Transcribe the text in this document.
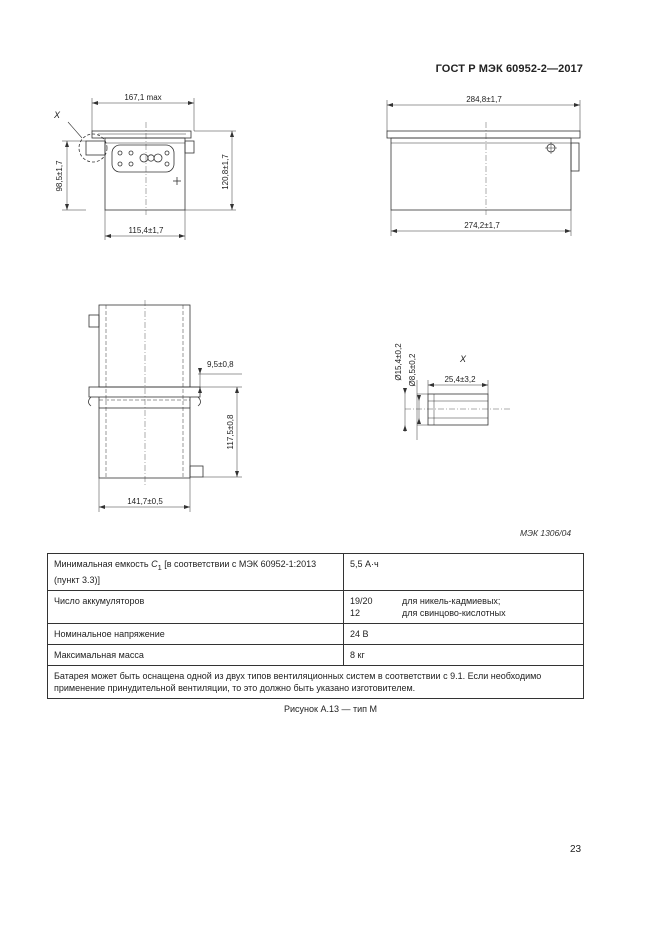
ГОСТ Р МЭК 60952-2—2017
167,1 max
98,5±1,7	120,8±1,7
115,4±1,7
X
284,8±1,7
274,2±1,7
9,5±0,8
117,5±0,8
141,7±0,5
X
Ø15,4±0,2 Ø8,5±0,2	25,4±3,2
МЭК 1306/04
Минимальная емкость $C_1$ [в соответствии с МЭК 60952-1:2013 (пункт 3.3)]	5,5 А·ч
Число аккумуляторов	19/20 для никель-кадмиевых;
12 для свинцово-кислотных

Номинальное напряжение	24 В
Максимальная масса	8 кг
Батарея может быть оснащена одной из двух типов вентиляционных систем в соответствии с 9.1. Если необходимо применение принудительной вентиляции, то это должно быть указано изготовителем.	
Рисунок А.13 — тип М
23
